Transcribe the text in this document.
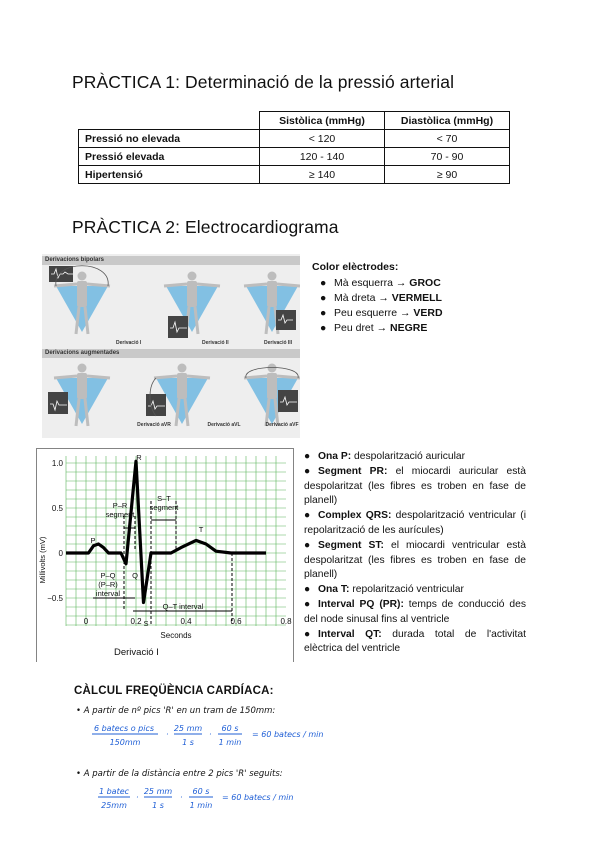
PRÀCTICA 1: Determinació de la pressió arterial
	Sistòlica (mmHg)	Diastòlica (mmHg)
Pressió no elevada	< 120	< 70
Pressió elevada	120 - 140	70 - 90
Hipertensió	≥ 140	≥ 90
PRÀCTICA 2: Electrocardiograma
Derivacions bipolars
Derivacions augmentades
Derivació I	Derivació II	Derivació III
Derivació aVR	Derivació aVL	Derivació aVF
Color elèctrodes:
● Mà esquerra → GROC
● Mà dreta → VERMELL
● Peu esquerre → VERD
● Peu dret → NEGRE
Millivolts (mV)
Seconds
1.0
0.5
0
−0.5
0	0.2	0.4	0.6	0.8
P
Q
R
S
T
P–R
segment
S–T
segment
P–Q
(P–R)
interval
Q–T interval
Derivació I

● Ona P: despolarització auricular

● Segment PR: el miocardi auricular està despolaritzat (les fibres es troben en fase de planell)

● Complex QRS: despolarització ventricular (i repolarització de les aurícules)

● Segment ST: el miocardi ventricular està despolaritzat (les fibres es troben en fase de planell)

● Ona T: repolarització ventricular

● Interval PQ (PR): temps de conducció des del node sinusal fins al ventricle

● Interval QT: durada total de l'activitat elèctrica del ventricle

CÀLCUL FREQÜÈNCIA CARDÍACA:
• A partir de nº pics 'R' en un tram de 150mm:
6 batecs o pics
150mm
·
25 mm
1 s
·
60 s
1 min
= 60 batecs / min
• A partir de la distància entre 2 pics 'R' seguits:
1 batec
25mm
·
25 mm
1 s
·
60 s
1 min
= 60 batecs / min
